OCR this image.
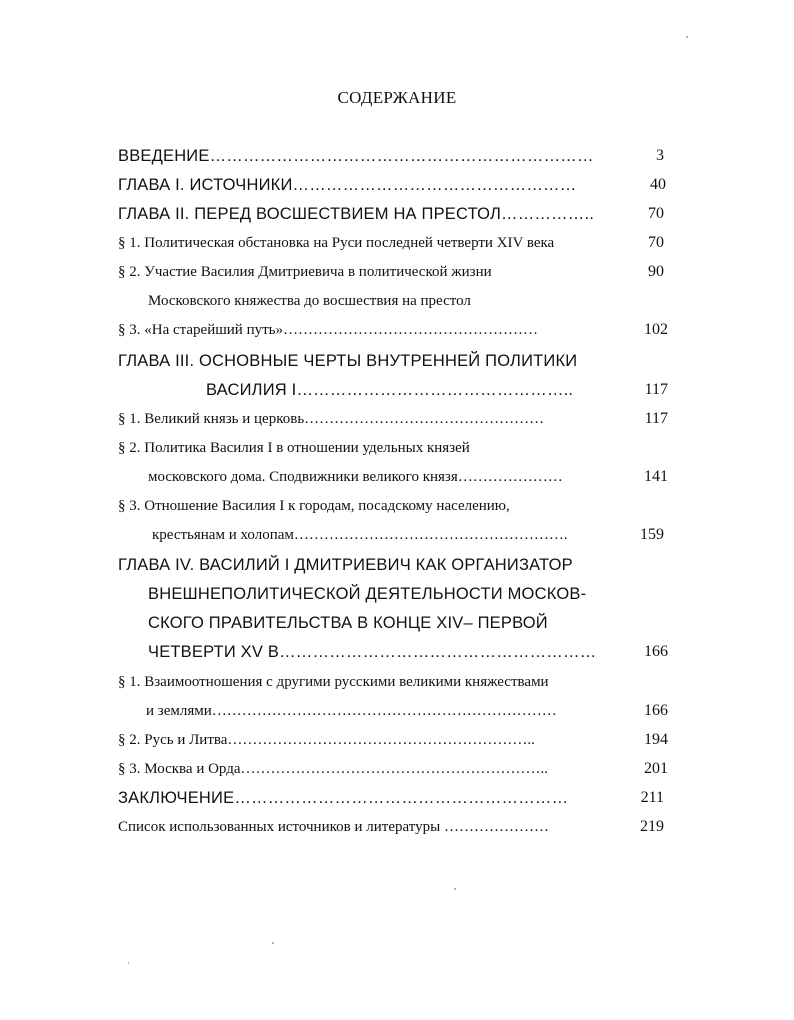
СОДЕРЖАНИЕ
ВВЕДЕНИЕ……………………………………………………………	3
ГЛАВА I. ИСТОЧНИКИ……………………………………………	40
ГЛАВА II. ПЕРЕД ВОСШЕСТВИЕМ НА ПРЕСТОЛ……………..	70
§ 1. Политическая обстановка на Руси последней четверти XIV века	70
§ 2. Участие Василия Дмитриевича в политической жизни	90
Московского княжества до восшествия на престол
§ 3. «На старейший путь»……………………………………………	102
ГЛАВА III. ОСНОВНЫЕ ЧЕРТЫ ВНУТРЕННЕЙ ПОЛИТИКИ
ВАСИЛИЯ I…………………………………………..	117
§ 1. Великий князь и церковь…………………………………………	117
§ 2. Политика Василия I в отношении удельных князей
московского дома. Сподвижники великого князя…………………	141
§ 3. Отношение Василия I к городам, посадскому населению,
крестьянам и холопам……………………………………………….	159
ГЛАВА IV. ВАСИЛИЙ I ДМИТРИЕВИЧ КАК ОРГАНИЗАТОР
ВНЕШНЕПОЛИТИЧЕСКОЙ ДЕЯТЕЛЬНОСТИ МОСКОВ-
СКОГО ПРАВИТЕЛЬСТВА В КОНЦЕ XIV– ПЕРВОЙ
ЧЕТВЕРТИ XV В…………………………………………………	166
§ 1. Взаимоотношения с другими русскими великими княжествами
и землями……………………………………………………………	166
§ 2. Русь и Литва……………………………………………………..	194
§ 3. Москва и Орда……………………………………………………..	201
ЗАКЛЮЧЕНИЕ……………………………………………………	211
Список использованных источников и литературы …………………	219
